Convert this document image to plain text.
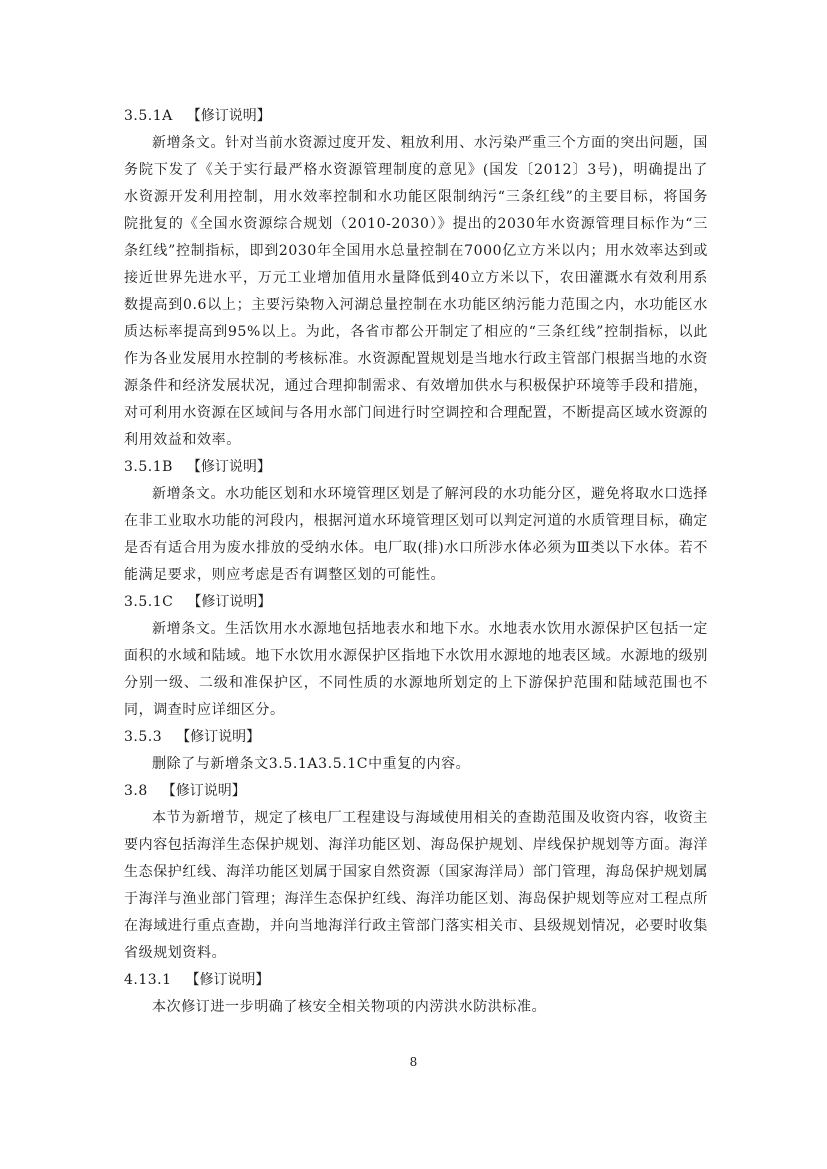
3.5.1A 【修订说明】

新增条文。针对当前水资源过度开发、粗放利用、水污染严重三个方面的突出问题，国务院下发了《关于实行最严格水资源管理制度的意见》(国发〔2012〕3号)，明确提出了水资源开发利用控制，用水效率控制和水功能区限制纳污“三条红线”的主要目标，将国务院批复的《全国水资源综合规划（2010-2030）》提出的2030年水资源管理目标作为“三条红线”控制指标，即到2030年全国用水总量控制在7000亿立方米以内；用水效率达到或接近世界先进水平，万元工业增加值用水量降低到40立方米以下，农田灌溉水有效利用系数提高到0.6以上；主要污染物入河湖总量控制在水功能区纳污能力范围之内，水功能区水质达标率提高到95%以上。为此，各省市都公开制定了相应的“三条红线”控制指标，以此作为各业发展用水控制的考核标准。水资源配置规划是当地水行政主管部门根据当地的水资源条件和经济发展状况，通过合理抑制需求、有效增加供水与积极保护环境等手段和措施，对可利用水资源在区域间与各用水部门间进行时空调控和合理配置，不断提高区域水资源的利用效益和效率。

3.5.1B 【修订说明】

新增条文。水功能区划和水环境管理区划是了解河段的水功能分区，避免将取水口选择在非工业取水功能的河段内，根据河道水环境管理区划可以判定河道的水质管理目标，确定是否有适合用为废水排放的受纳水体。电厂取(排)水口所涉水体必须为Ⅲ类以下水体。若不能满足要求，则应考虑是否有调整区划的可能性。

3.5.1C 【修订说明】

新增条文。生活饮用水水源地包括地表水和地下水。水地表水饮用水源保护区包括一定面积的水域和陆域。地下水饮用水源保护区指地下水饮用水源地的地表区域。水源地的级别分别一级、二级和准保护区，不同性质的水源地所划定的上下游保护范围和陆域范围也不同，调查时应详细区分。

3.5.3 【修订说明】

删除了与新增条文3.5.1A3.5.1C中重复的内容。

3.8 【修订说明】

本节为新增节，规定了核电厂工程建设与海域使用相关的查勘范围及收资内容，收资主要内容包括海洋生态保护规划、海洋功能区划、海岛保护规划、岸线保护规划等方面。海洋生态保护红线、海洋功能区划属于国家自然资源（国家海洋局）部门管理，海岛保护规划属于海洋与渔业部门管理；海洋生态保护红线、海洋功能区划、海岛保护规划等应对工程点所在海域进行重点查勘，并向当地海洋行政主管部门落实相关市、县级规划情况，必要时收集省级规划资料。

4.13.1 【修订说明】

本次修订进一步明确了核安全相关物项的内涝洪水防洪标准。

8
